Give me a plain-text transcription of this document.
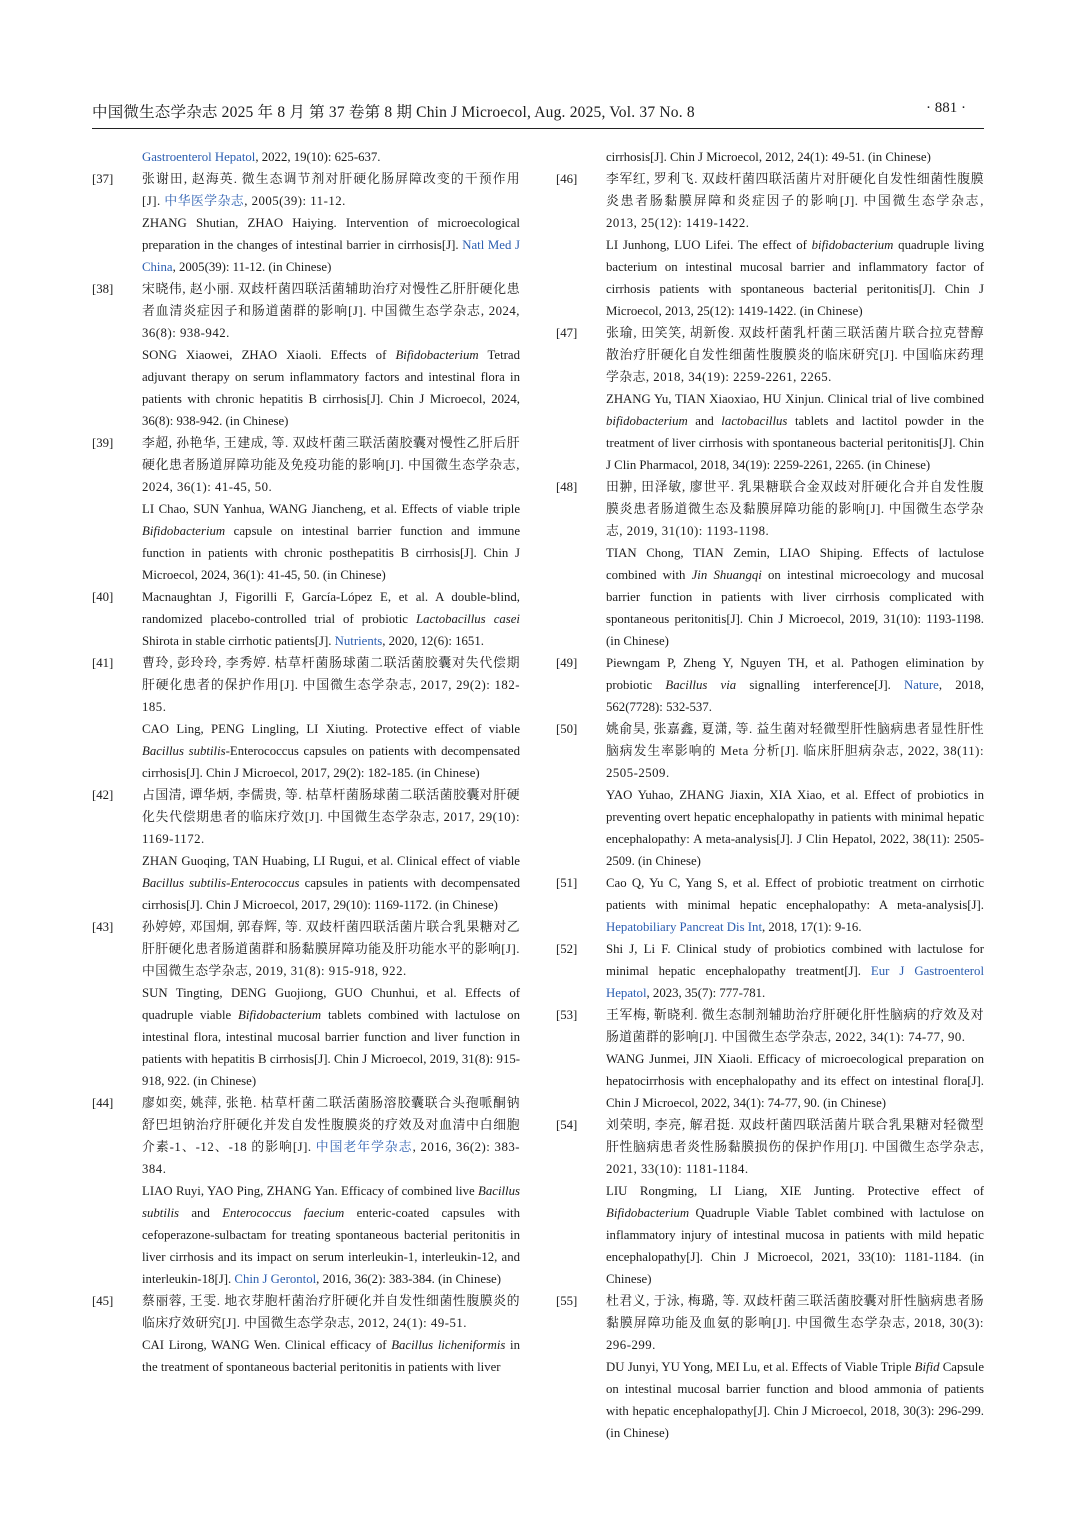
中国微生态学杂志 2025 年 8 月 第 37 卷第 8 期 Chin J Microecol, Aug. 2025, Vol. 37 No. 8	· 881 ·

Gastroenterol Hepatol, 2022, 19(10): 625-637.

[37] 张谢田, 赵海英. 微生态调节剂对肝硬化肠屏障改变的干预作用[J]. 中华医学杂志, 2005(39): 11-12.

ZHANG Shutian, ZHAO Haiying. Intervention of microecological preparation in the changes of intestinal barrier in cirrhosis[J]. Natl Med J China, 2005(39): 11-12. (in Chinese)

[38] 宋晓伟, 赵小丽. 双歧杆菌四联活菌辅助治疗对慢性乙肝肝硬化患者血清炎症因子和肠道菌群的影响[J]. 中国微生态学杂志, 2024, 36(8): 938-942.

SONG Xiaowei, ZHAO Xiaoli. Effects of Bifidobacterium Tetrad adjuvant therapy on serum inflammatory factors and intestinal flora in patients with chronic hepatitis B cirrhosis[J]. Chin J Microecol, 2024, 36(8): 938-942. (in Chinese)

[39] 李超, 孙艳华, 王建成, 等. 双歧杆菌三联活菌胶囊对慢性乙肝后肝硬化患者肠道屏障功能及免疫功能的影响[J]. 中国微生态学杂志, 2024, 36(1): 41-45, 50.

LI Chao, SUN Yanhua, WANG Jiancheng, et al. Effects of viable triple Bifidobacterium capsule on intestinal barrier function and immune function in patients with chronic posthepatitis B cirrhosis[J]. Chin J Microecol, 2024, 36(1): 41-45, 50. (in Chinese)

[40] Macnaughtan J, Figorilli F, García-López E, et al. A double-blind, randomized placebo-controlled trial of probiotic Lactobacillus casei Shirota in stable cirrhotic patients[J]. Nutrients, 2020, 12(6): 1651.

[41] 曹玲, 彭玲玲, 李秀婷. 枯草杆菌肠球菌二联活菌胶囊对失代偿期肝硬化患者的保护作用[J]. 中国微生态学杂志, 2017, 29(2): 182-185.

CAO Ling, PENG Lingling, LI Xiuting. Protective effect of viable Bacillus subtilis-Enterococcus capsules on patients with decompensated cirrhosis[J]. Chin J Microecol, 2017, 29(2): 182-185. (in Chinese)

[42] 占国清, 谭华炳, 李儒贵, 等. 枯草杆菌肠球菌二联活菌胶囊对肝硬化失代偿期患者的临床疗效[J]. 中国微生态学杂志, 2017, 29(10): 1169-1172.

ZHAN Guoqing, TAN Huabing, LI Rugui, et al. Clinical effect of viable Bacillus subtilis-Enterococcus capsules in patients with decompensated cirrhosis[J]. Chin J Microecol, 2017, 29(10): 1169-1172. (in Chinese)

[43] 孙婷婷, 邓国炯, 郭春辉, 等. 双歧杆菌四联活菌片联合乳果糖对乙肝肝硬化患者肠道菌群和肠黏膜屏障功能及肝功能水平的影响[J]. 中国微生态学杂志, 2019, 31(8): 915-918, 922.

SUN Tingting, DENG Guojiong, GUO Chunhui, et al. Effects of quadruple viable Bifidobacterium tablets combined with lactulose on intestinal flora, intestinal mucosal barrier function and liver function in patients with hepatitis B cirrhosis[J]. Chin J Microecol, 2019, 31(8): 915-918, 922. (in Chinese)

[44] 廖如奕, 姚萍, 张艳. 枯草杆菌二联活菌肠溶胶囊联合头孢哌酮钠舒巴坦钠治疗肝硬化并发自发性腹膜炎的疗效及对血清中白细胞介素-1、-12、-18 的影响[J]. 中国老年学杂志, 2016, 36(2): 383-384.

LIAO Ruyi, YAO Ping, ZHANG Yan. Efficacy of combined live Bacillus subtilis and Enterococcus faecium enteric-coated capsules with cefoperazone-sulbactam for treating spontaneous bacterial peritonitis in liver cirrhosis and its impact on serum interleukin-1, interleukin-12, and interleukin-18[J]. Chin J Gerontol, 2016, 36(2): 383-384. (in Chinese)

[45] 蔡丽蓉, 王雯. 地衣芽胞杆菌治疗肝硬化并自发性细菌性腹膜炎的临床疗效研究[J]. 中国微生态学杂志, 2012, 24(1): 49-51.

CAI Lirong, WANG Wen. Clinical efficacy of Bacillus licheniformis in the treatment of spontaneous bacterial peritonitis in patients with liver

cirrhosis[J]. Chin J Microecol, 2012, 24(1): 49-51. (in Chinese)

[46] 李军红, 罗利飞. 双歧杆菌四联活菌片对肝硬化自发性细菌性腹膜炎患者肠黏膜屏障和炎症因子的影响[J]. 中国微生态学杂志, 2013, 25(12): 1419-1422.

LI Junhong, LUO Lifei. The effect of bifidobacterium quadruple living bacterium on intestinal mucosal barrier and inflammatory factor of cirrhosis patients with spontaneous bacterial peritonitis[J]. Chin J Microecol, 2013, 25(12): 1419-1422. (in Chinese)

[47] 张瑜, 田笑笑, 胡新俊. 双歧杆菌乳杆菌三联活菌片联合拉克替醇散治疗肝硬化自发性细菌性腹膜炎的临床研究[J]. 中国临床药理学杂志, 2018, 34(19): 2259-2261, 2265.

ZHANG Yu, TIAN Xiaoxiao, HU Xinjun. Clinical trial of live combined bifidobacterium and lactobacillus tablets and lactitol powder in the treatment of liver cirrhosis with spontaneous bacterial peritonitis[J]. Chin J Clin Pharmacol, 2018, 34(19): 2259-2261, 2265. (in Chinese)

[48] 田翀, 田泽敏, 廖世平. 乳果糖联合金双歧对肝硬化合并自发性腹膜炎患者肠道微生态及黏膜屏障功能的影响[J]. 中国微生态学杂志, 2019, 31(10): 1193-1198.

TIAN Chong, TIAN Zemin, LIAO Shiping. Effects of lactulose combined with Jin Shuangqi on intestinal microecology and mucosal barrier function in patients with liver cirrhosis complicated with spontaneous peritonitis[J]. Chin J Microecol, 2019, 31(10): 1193-1198. (in Chinese)

[49] Piewngam P, Zheng Y, Nguyen TH, et al. Pathogen elimination by probiotic Bacillus via signalling interference[J]. Nature, 2018, 562(7728): 532-537.

[50] 姚俞昊, 张嘉鑫, 夏潇, 等. 益生菌对轻微型肝性脑病患者显性肝性脑病发生率影响的 Meta 分析[J]. 临床肝胆病杂志, 2022, 38(11): 2505-2509.

YAO Yuhao, ZHANG Jiaxin, XIA Xiao, et al. Effect of probiotics in preventing overt hepatic encephalopathy in patients with minimal hepatic encephalopathy: A meta-analysis[J]. J Clin Hepatol, 2022, 38(11): 2505-2509. (in Chinese)

[51] Cao Q, Yu C, Yang S, et al. Effect of probiotic treatment on cirrhotic patients with minimal hepatic encephalopathy: A meta-analysis[J]. Hepatobiliary Pancreat Dis Int, 2018, 17(1): 9-16.

[52] Shi J, Li F. Clinical study of probiotics combined with lactulose for minimal hepatic encephalopathy treatment[J]. Eur J Gastroenterol Hepatol, 2023, 35(7): 777-781.

[53] 王军梅, 靳晓利. 微生态制剂辅助治疗肝硬化肝性脑病的疗效及对肠道菌群的影响[J]. 中国微生态学杂志, 2022, 34(1): 74-77, 90.

WANG Junmei, JIN Xiaoli. Efficacy of microecological preparation on hepatocirrhosis with encephalopathy and its effect on intestinal flora[J]. Chin J Microecol, 2022, 34(1): 74-77, 90. (in Chinese)

[54] 刘荣明, 李亮, 解君挺. 双歧杆菌四联活菌片联合乳果糖对轻微型肝性脑病患者炎性肠黏膜损伤的保护作用[J]. 中国微生态学杂志, 2021, 33(10): 1181-1184.

LIU Rongming, LI Liang, XIE Junting. Protective effect of Bifidobacterium Quadruple Viable Tablet combined with lactulose on inflammatory injury of intestinal mucosa in patients with mild hepatic encephalopathy[J]. Chin J Microecol, 2021, 33(10): 1181-1184. (in Chinese)

[55] 杜君义, 于泳, 梅璐, 等. 双歧杆菌三联活菌胶囊对肝性脑病患者肠黏膜屏障功能及血氨的影响[J]. 中国微生态学杂志, 2018, 30(3): 296-299.

DU Junyi, YU Yong, MEI Lu, et al. Effects of Viable Triple Bifid Capsule on intestinal mucosal barrier function and blood ammonia of patients with hepatic encephalopathy[J]. Chin J Microecol, 2018, 30(3): 296-299. (in Chinese)
